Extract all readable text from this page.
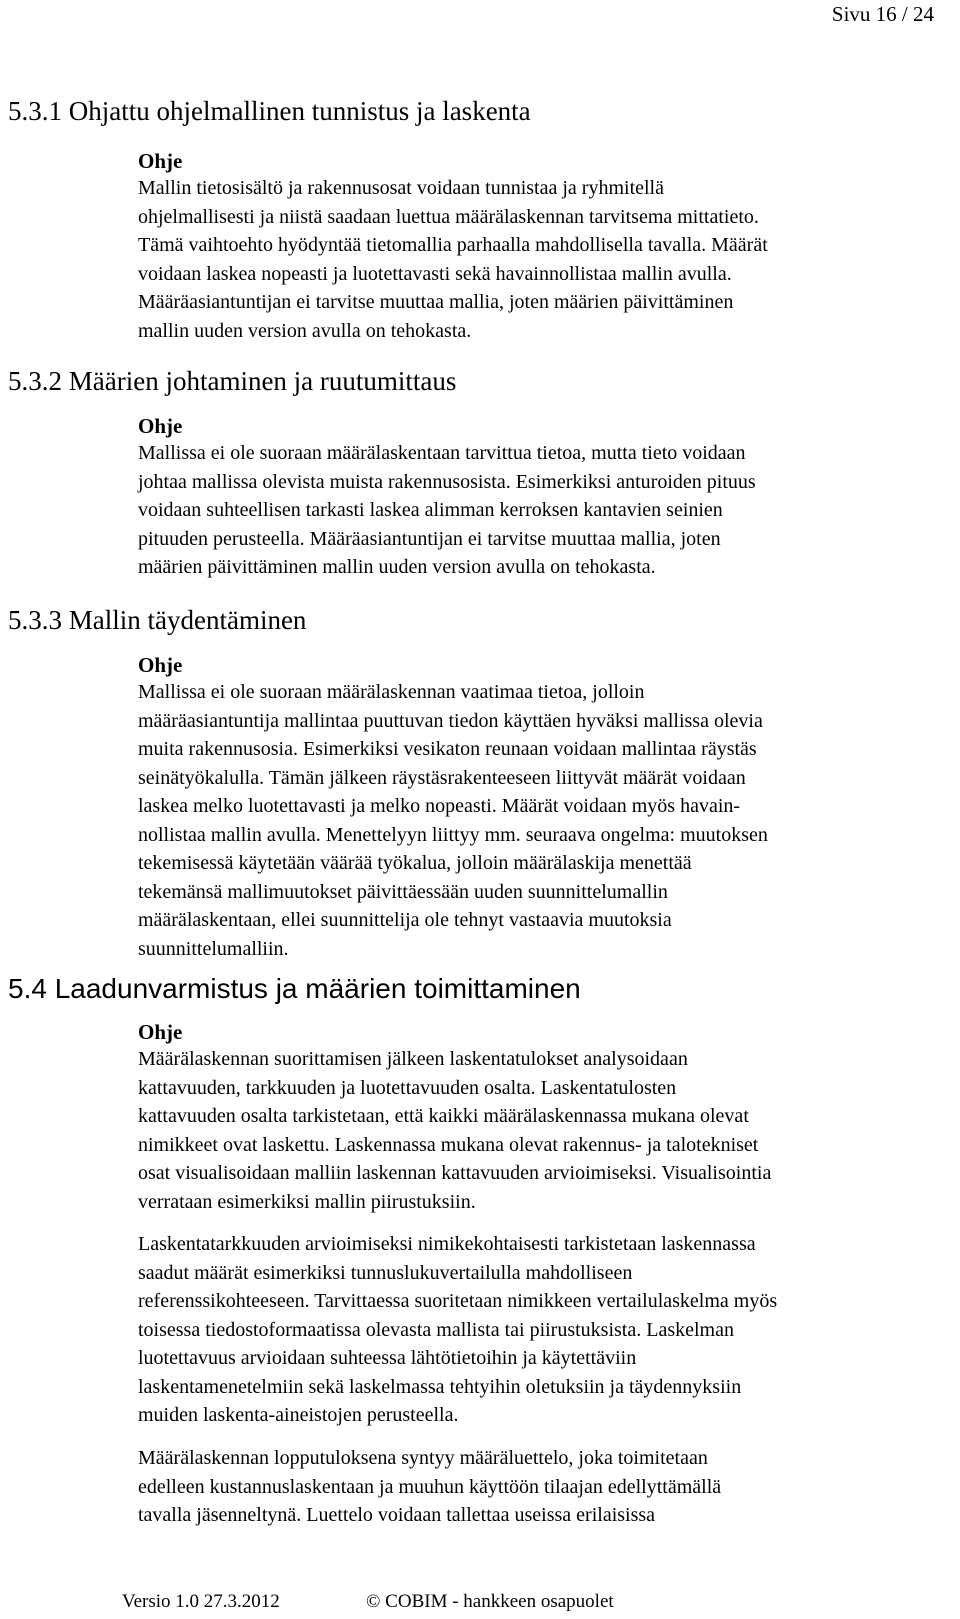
Sivu 16 / 24
5.3.1 Ohjattu ohjelmallinen tunnistus ja laskenta
Ohje
Mallin tietosisältö ja rakennusosat voidaan tunnistaa ja ryhmitellä
ohjelmallisesti ja niistä saadaan luettua määrälaskennan tarvitsema mittatieto.
Tämä vaihtoehto hyödyntää tietomallia parhaalla mahdollisella tavalla. Määrät
voidaan laskea nopeasti ja luotettavasti sekä havainnollistaa mallin avulla.
Määräasiantuntijan ei tarvitse muuttaa mallia, joten määrien päivittäminen
mallin uuden version avulla on tehokasta.
5.3.2 Määrien johtaminen ja ruutumittaus
Ohje
Mallissa ei ole suoraan määrälaskentaan tarvittua tietoa, mutta tieto voidaan
johtaa mallissa olevista muista rakennusosista. Esimerkiksi anturoiden pituus
voidaan suhteellisen tarkasti laskea alimman kerroksen kantavien seinien
pituuden perusteella. Määräasiantuntijan ei tarvitse muuttaa mallia, joten
määrien päivittäminen mallin uuden version avulla on tehokasta.
5.3.3 Mallin täydentäminen
Ohje
Mallissa ei ole suoraan määrälaskennan vaatimaa tietoa, jolloin
määräasiantuntija mallintaa puuttuvan tiedon käyttäen hyväksi mallissa olevia
muita rakennusosia. Esimerkiksi vesikaton reunaan voidaan mallintaa räystäs
seinätyökalulla. Tämän jälkeen räystäsrakenteeseen liittyvät määrät voidaan
laskea melko luotettavasti ja melko nopeasti. Määrät voidaan myös havain-
nollistaa mallin avulla. Menettelyyn liittyy mm. seuraava ongelma: muutoksen
tekemisessä käytetään väärää työkalua, jolloin määrälaskija menettää
tekemänsä mallimuutokset päivittäessään uuden suunnittelumallin
määrälaskentaan, ellei suunnittelija ole tehnyt vastaavia muutoksia
suunnittelumalliin.
5.4 Laadunvarmistus ja määrien toimittaminen
Ohje
Määrälaskennan suorittamisen jälkeen laskentatulokset analysoidaan
kattavuuden, tarkkuuden ja luotettavuuden osalta. Laskentatulosten
kattavuuden osalta tarkistetaan, että kaikki määrälaskennassa mukana olevat
nimikkeet ovat laskettu. Laskennassa mukana olevat rakennus- ja talotekniset
osat visualisoidaan malliin laskennan kattavuuden arvioimiseksi. Visualisointia
verrataan esimerkiksi mallin piirustuksiin.
Laskentatarkkuuden arvioimiseksi nimikekohtaisesti tarkistetaan laskennassa
saadut määrät esimerkiksi tunnuslukuvertailulla mahdolliseen
referenssikohteeseen. Tarvittaessa suoritetaan nimikkeen vertailulaskelma myös
toisessa tiedostoformaatissa olevasta mallista tai piirustuksista. Laskelman
luotettavuus arvioidaan suhteessa lähtötietoihin ja käytettäviin
laskentamenetelmiin sekä laskelmassa tehtyihin oletuksiin ja täydennyksiin
muiden laskenta-aineistojen perusteella.
Määrälaskennan lopputuloksena syntyy määräluettelo, joka toimitetaan
edelleen kustannuslaskentaan ja muuhun käyttöön tilaajan edellyttämällä
tavalla jäsenneltynä. Luettelo voidaan tallettaa useissa erilaisissa
Versio 1.0 27.3.2012	© COBIM - hankkeen osapuolet
